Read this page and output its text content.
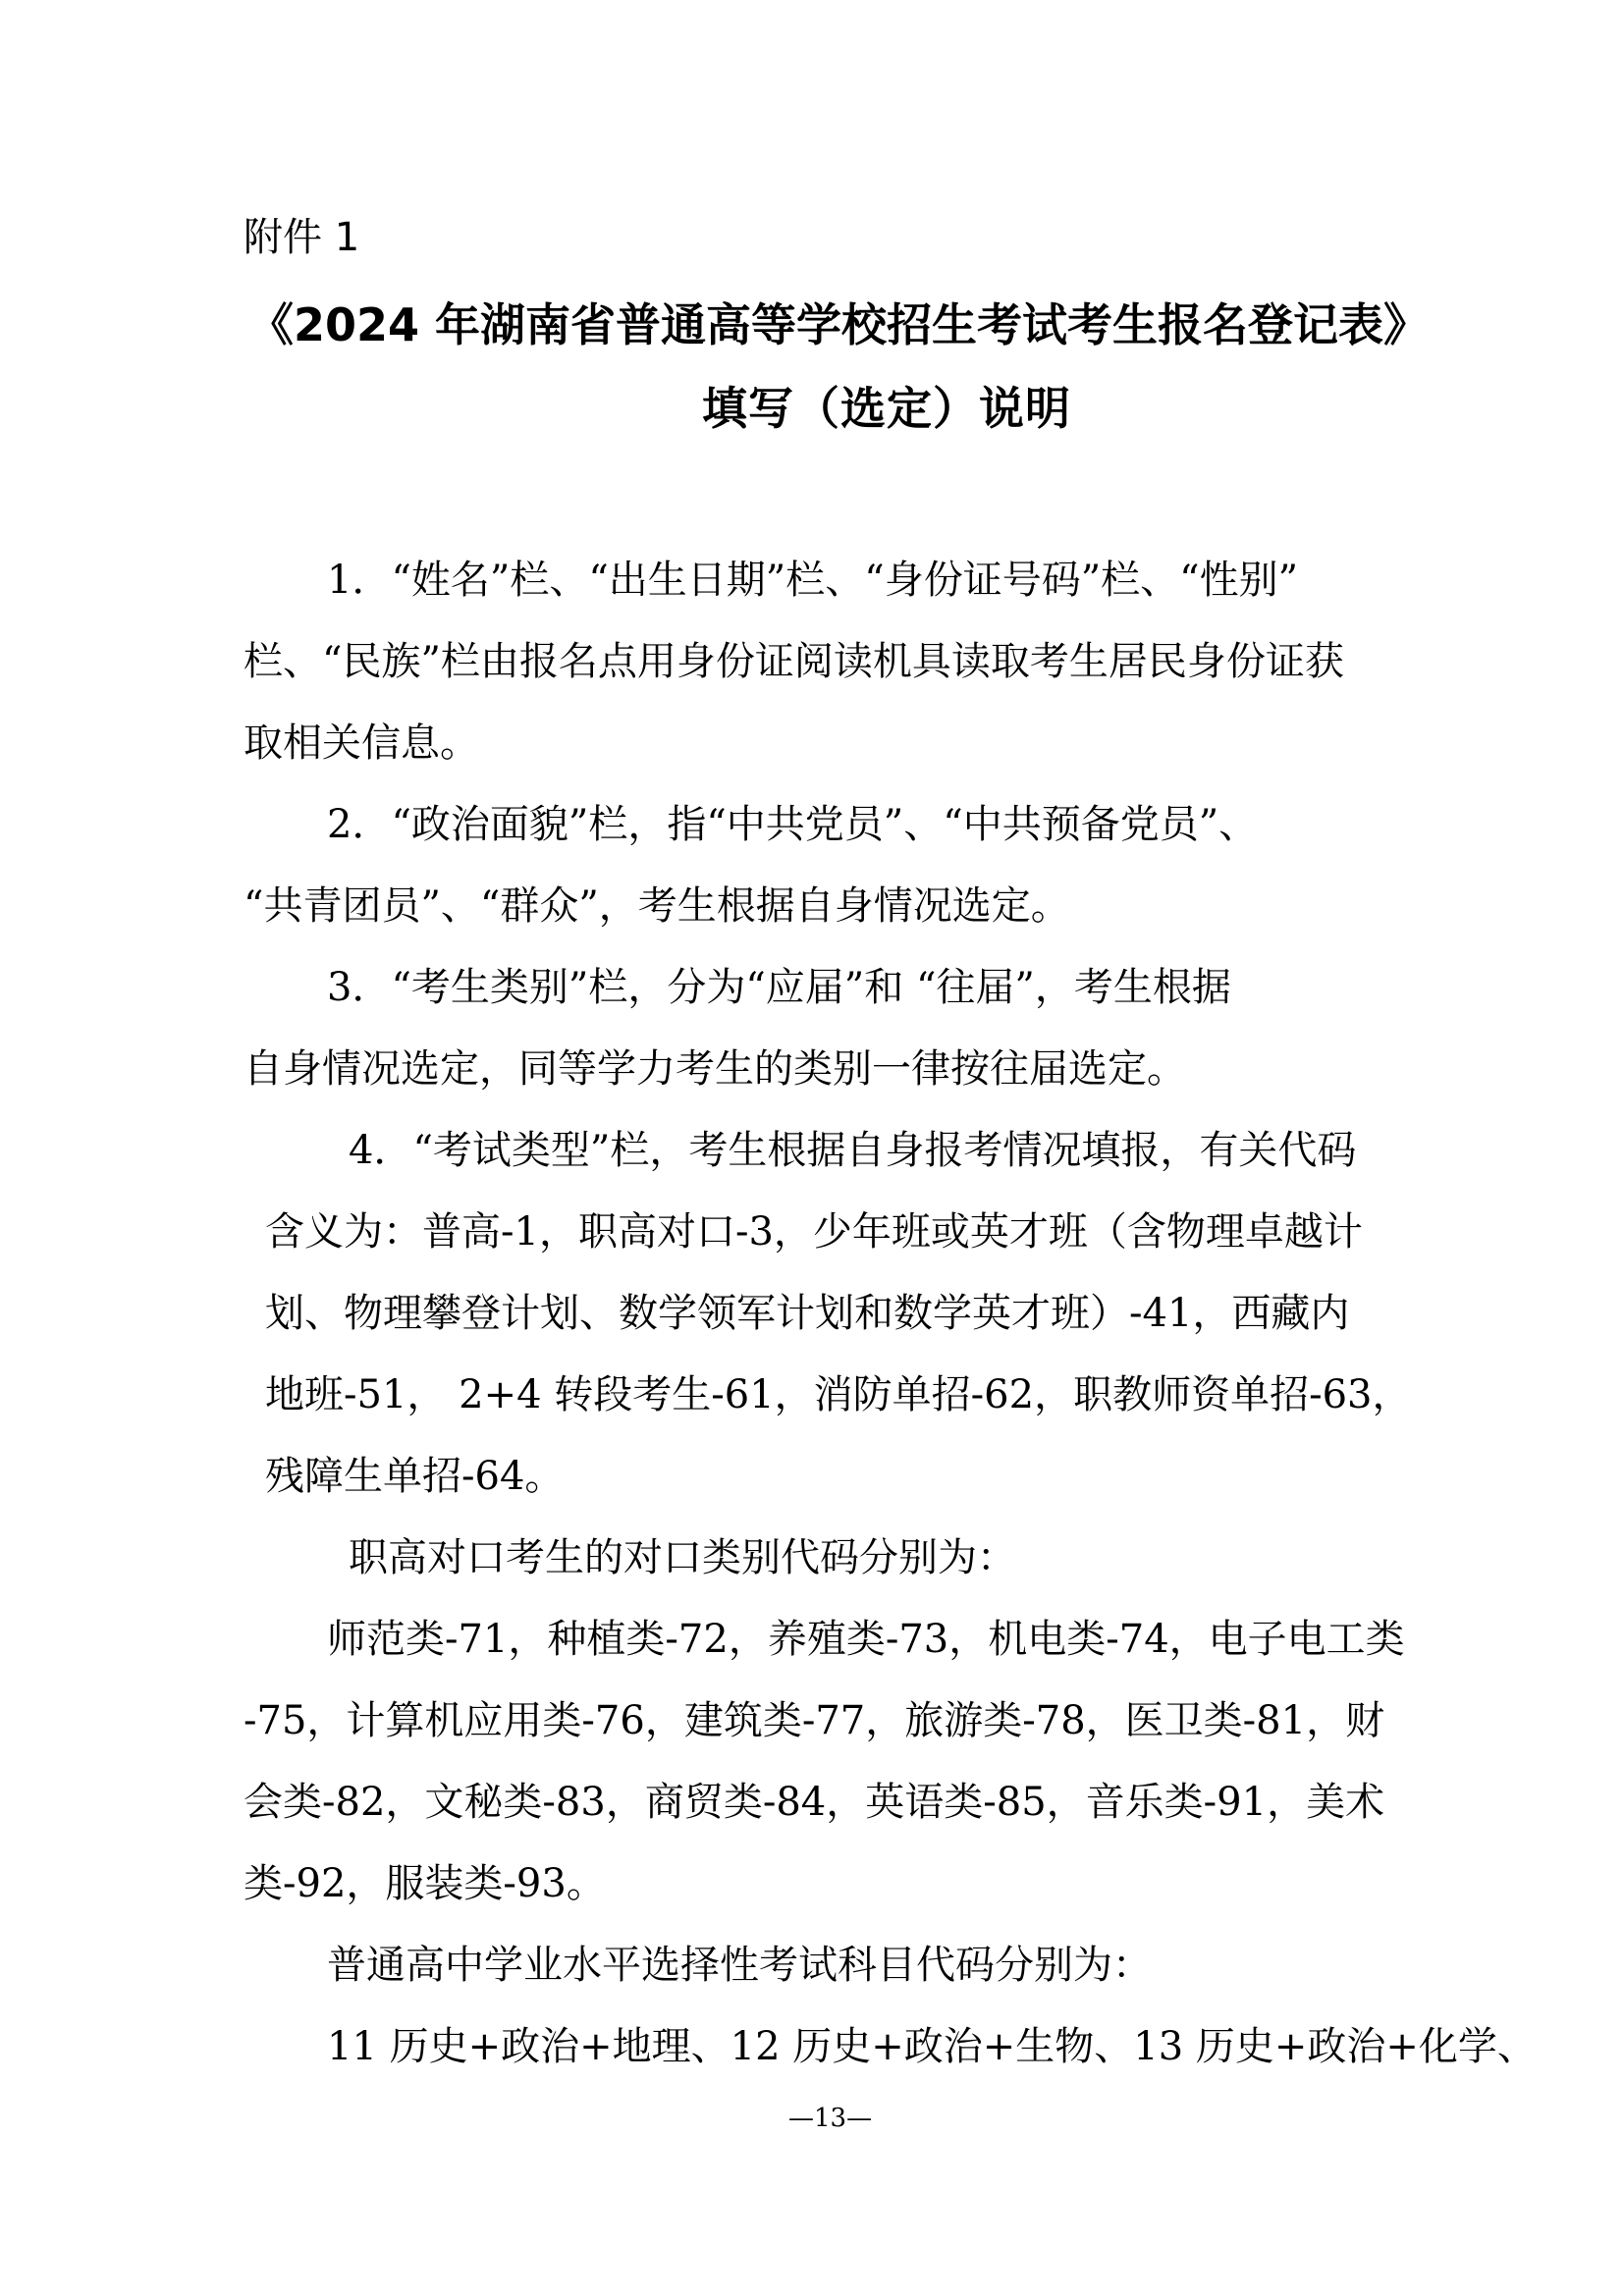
附件 1
《2024 年湖南省普通高等学校招生考试考生报名登记表》
填写（选定）说明
1．“姓名”栏、“出生日期”栏、“身份证号码”栏、“性别”
栏、“民族”栏由报名点用身份证阅读机具读取考生居民身份证获
取相关信息。
2．“政治面貌”栏，指“中共党员”、“中共预备党员”、
“共青团员”、“群众”，考生根据自身情况选定。
3．“考生类别”栏，分为“应届”和 “往届”，考生根据
自身情况选定，同等学力考生的类别一律按往届选定。
4．“考试类型”栏，考生根据自身报考情况填报，有关代码
含义为：普高-1，职高对口-3，少年班或英才班（含物理卓越计
划、物理攀登计划、数学领军计划和数学英才班）-41，西藏内
地班-51， 2+4 转段考生-61，消防单招-62，职教师资单招-63，
残障生单招-64。
职高对口考生的对口类别代码分别为：
师范类-71，种植类-72，养殖类-73，机电类-74，电子电工类
-75，计算机应用类-76，建筑类-77，旅游类-78，医卫类-81，财
会类-82，文秘类-83，商贸类-84，英语类-85，音乐类-91，美术
类-92，服装类-93。
普通高中学业水平选择性考试科目代码分别为：
11 历史+政治+地理、12 历史+政治+生物、13 历史+政治+化学、
—13—
